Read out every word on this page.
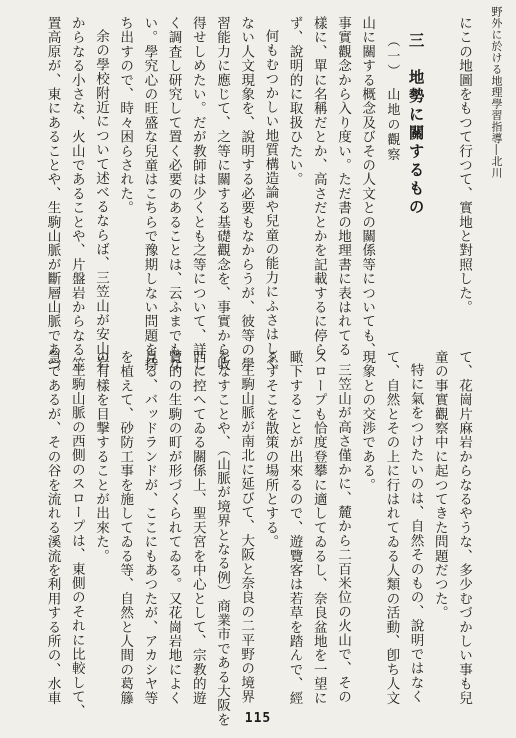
野外に於ける地理學習指導―北川
にこの地圖をもつて行つて、實地と對照した。
三　地勢に關するもの
（一）　山地の觀察
山に關する概念及びその人文との關係等についても、
事實觀念から入り度い。ただ書の地理書に表はれてる
樣に、單に名稱だとか、高さだとかを記載するに停ら
ず、說明的に取扱ひたい。
何もむつかしい地質構造論や兒童の能力にふさはしく
ない人文現象を、說明する必要もなからうが、彼等の學
習能力に應じて、之等に關する基礎觀念を、事實から收
得せしめたい。だが教師は少くとも之等について、詳し
く調査し研究して置く必要のあることは、云ふまでもな
い。學究心の旺盛な兒童はこちらで豫期しない問題を持
ち出すので、時々困らされた。
余の學校附近について述べるならば、三笠山が安山岩
からなる小さな、火山であることや、片盤岩からなる笠
置高原が、東にあることや、生駒山脈が斷層山脈であつ
て、花崗片麻岩からなるやうな、多少むづかしい事も兒
童の事實觀察中に起つてきた問題だつた。
特に氣をつけたいのは、自然そのもの、說明ではなく
て、自然とその上に行はれてゐる人類の活動、卽ち人文
現象との交渉である。
三笠山が高さ僅かに、麓から二百米位の火山で、その
スロープも恰度登攀に適してゐるし、奈良盆地を一望に
瞰下することが出來るので、遊覽客は若草を踏んで、經
ゑずそこを散策の場所とする。
生駒山脈が南北に延びて、大阪と奈良の二平野の境界
をなすことや、（山脈が境界となる例）商業市である大阪を
西に控へてゐる關係上、聖天宮を中心として、宗教的遊
覽的の生駒の町が形づくられてゐる。又花崗岩地によく
見る、バッドランドが、ここにもあつたが、アカシヤ等
を植えて、砂防工事を施してゐる等、自然と人間の葛籐
の有樣を目撃することが出來た。
生駒山脈の西側のスロープは、東側のそれに比較して、
急であるが、その谷を流れる溪流を利用する所の、水車
115
